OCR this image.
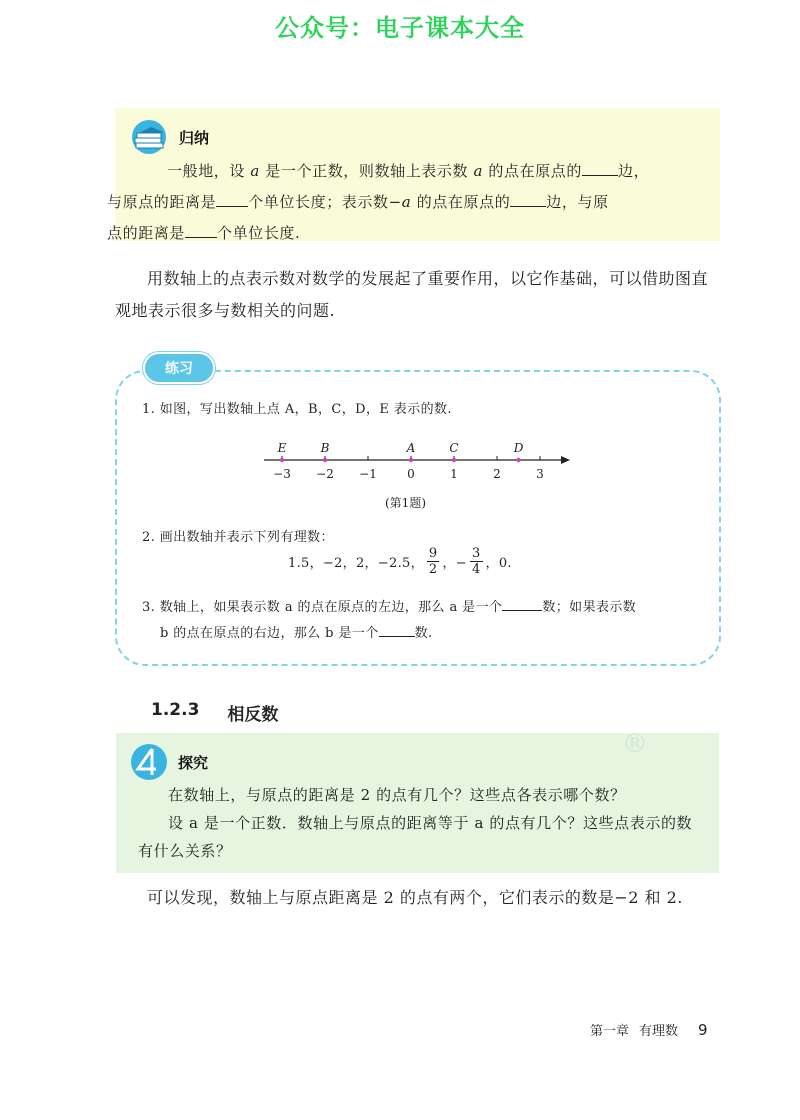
公众号：电子课本大全
归纳
一般地，设 a 是一个正数，则数轴上表示数 a 的点在原点的 边，
与原点的距离是 个单位长度；表示数−a 的点在原点的 边，与原
点的距离是 个单位长度.
用数轴上的点表示数对数学的发展起了重要作用，以它作基础，可以借助图直观地表示很多与数相关的问题.
练习
1. 如图，写出数轴上点 A，B，C，D，E 表示的数.
−3 −2 −1	0	1	2	3
E	B	A	C	D
(第1题)
2. 画出数轴并表示下列有理数：
1.5，−2，2，−2.5， $\frac{9}{2}$ ，− $\frac{3}{4}$ ，0.
3. 数轴上，如果表示数 a 的点在原点的左边，那么 a 是一个	数；如果表示数
b 的点在原点的右边，那么 b 是一个	数.
1.2.3 相反数
探究
在数轴上，与原点的距离是 2 的点有几个？这些点各表示哪个数？
设 a 是一个正数．数轴上与原点的距离等于 a 的点有几个？这些点表示的数有什么关系？
®
可以发现，数轴上与原点距离是 2 的点有两个，它们表示的数是−2 和 2.
第一章 有理数 9
